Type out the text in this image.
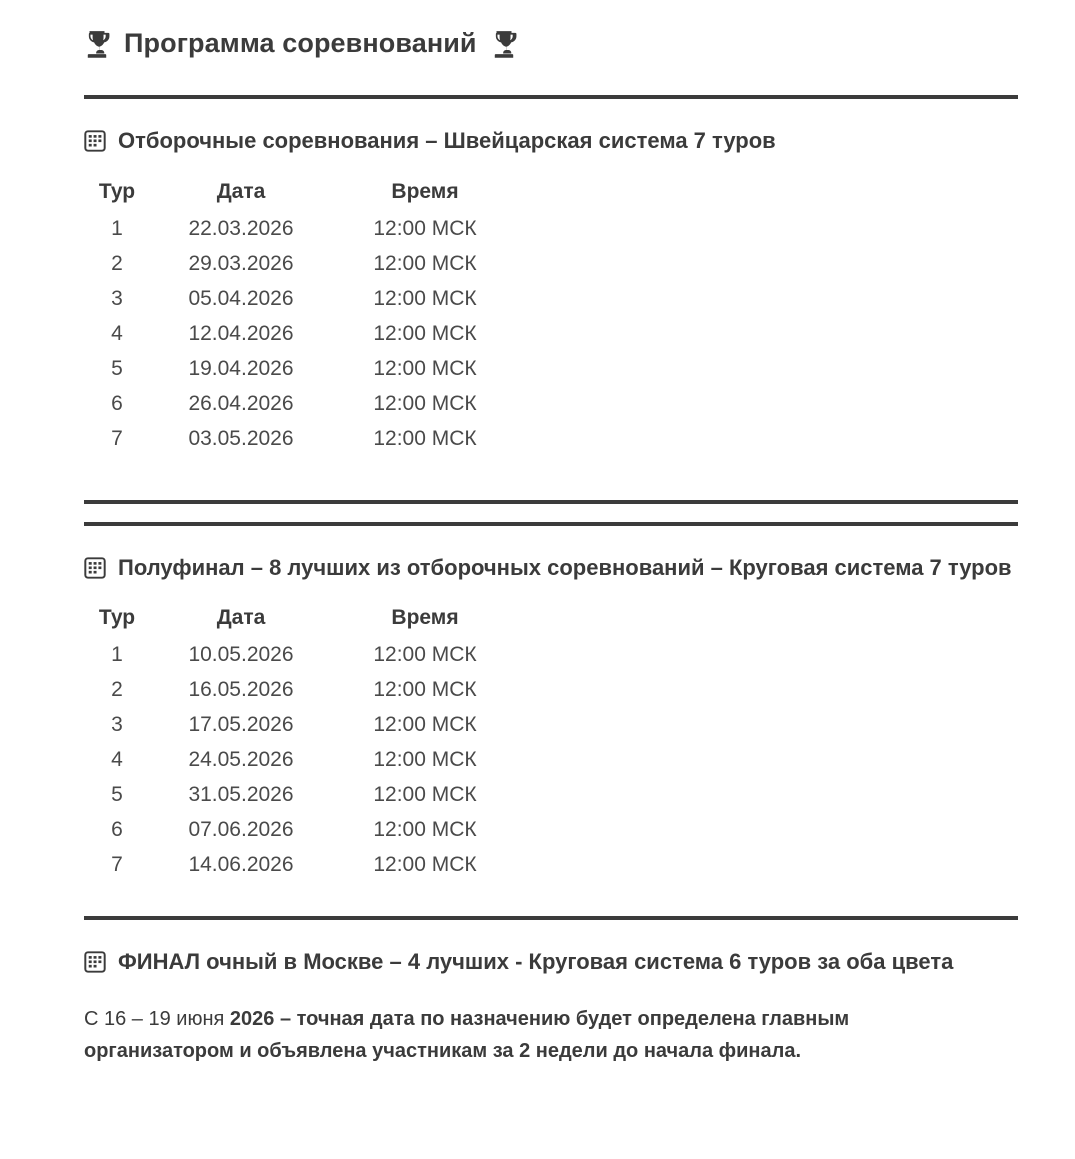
Программа соревнований
Отборочные соревнования – Швейцарская система 7 туров
Тур	Дата	Время
1	22.03.2026	12:00 МСК
2	29.03.2026	12:00 МСК
3	05.04.2026	12:00 МСК
4	12.04.2026	12:00 МСК
5	19.04.2026	12:00 МСК
6	26.04.2026	12:00 МСК
7	03.05.2026	12:00 МСК
Полуфинал – 8 лучших из отборочных соревнований – Круговая система 7 туров
Тур	Дата	Время
1	10.05.2026	12:00 МСК
2	16.05.2026	12:00 МСК
3	17.05.2026	12:00 МСК
4	24.05.2026	12:00 МСК
5	31.05.2026	12:00 МСК
6	07.06.2026	12:00 МСК
7	14.06.2026	12:00 МСК
ФИНАЛ очный в Москве – 4 лучших - Круговая система 6 туров за оба цвета

С 16 – 19 июня 2026 – точная дата по назначению будет определена главным организатором и объявлена участникам за 2 недели до начала финала.
